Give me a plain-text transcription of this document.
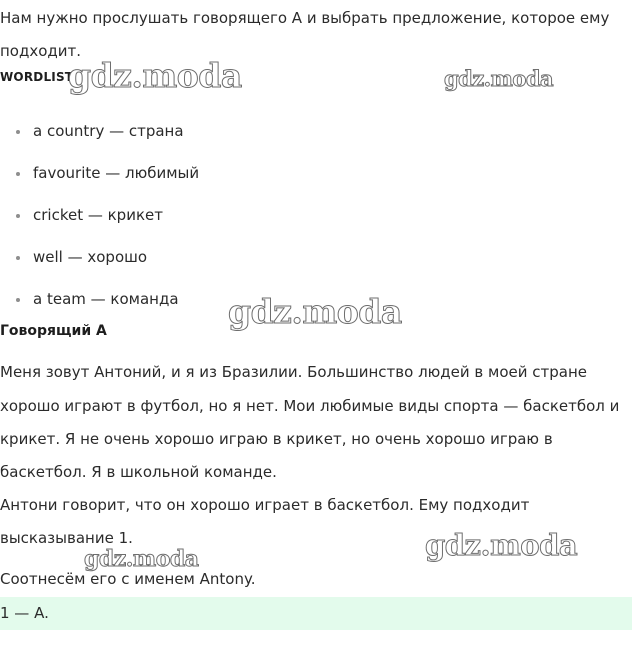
Нам нужно прослушать говорящего А и выбрать предложение, которое ему

подходит.

WORDLIST
a country — страна
favourite — любимый
cricket — крикет
well — хорошо
a team — команда
Говорящий А

Меня зовут Антоний, и я из Бразилии. Большинство людей в моей стране

хорошо играют в футбол, но я нет. Мои любимые виды спорта — баскетбол и

крикет. Я не очень хорошо играю в крикет, но очень хорошо играю в

баскетбол. Я в школьной команде.

Антони говорит, что он хорошо играет в баскетбол. Ему подходит

высказывание 1.

Соотнесём его с именем Antony.

1 — A.
gdz.moda	gdz.moda
gdz.moda
gdz.moda
gdz.moda
